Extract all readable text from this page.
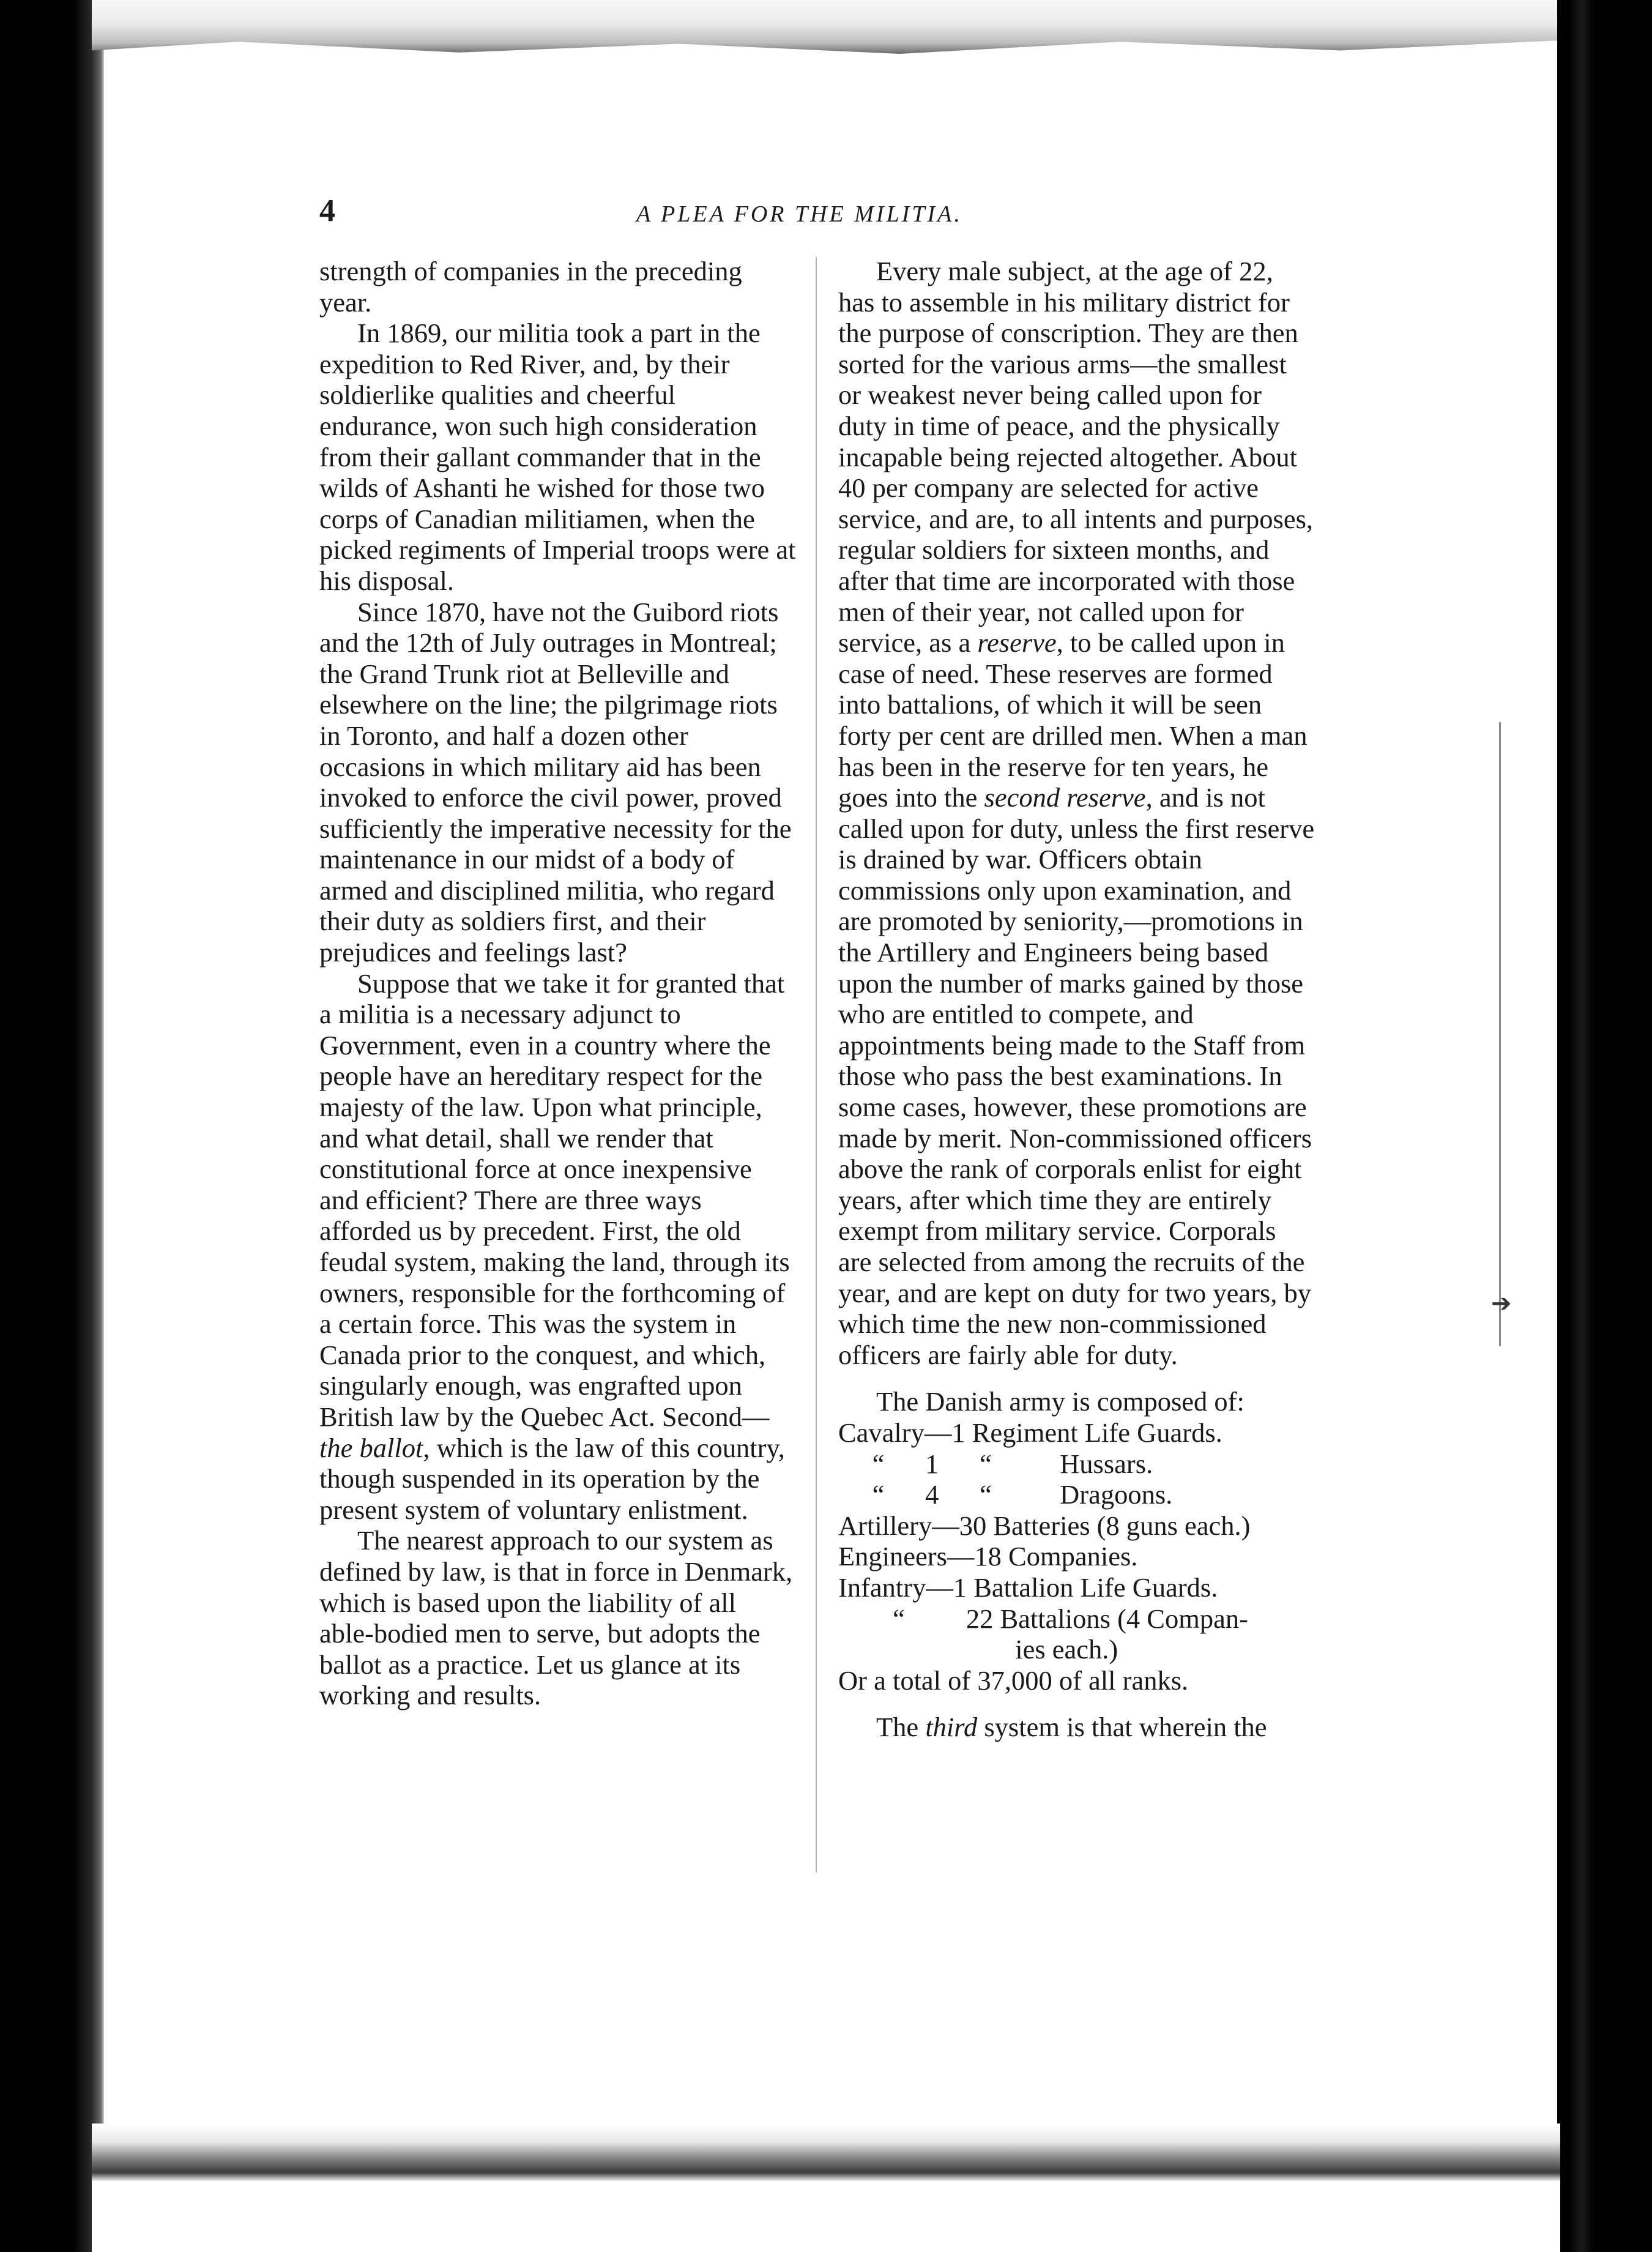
➔
4	A PLEA FOR THE MILITIA.

strength of companies in the preceding year.

In 1869, our militia took a part in the expedition to Red River, and, by their soldierlike qualities and cheerful endurance, won such high consideration from their gallant commander that in the wilds of Ashanti he wished for those two corps of Canadian militiamen, when the picked regiments of Imperial troops were at his disposal.

Since 1870, have not the Guibord riots and the 12th of July outrages in Montreal; the Grand Trunk riot at Belleville and elsewhere on the line; the pilgrimage riots in Toronto, and half a dozen other occasions in which military aid has been invoked to enforce the civil power, proved sufficiently the imperative necessity for the maintenance in our midst of a body of armed and disciplined militia, who regard their duty as soldiers first, and their prejudices and feelings last?

Suppose that we take it for granted that a militia is a necessary adjunct to Government, even in a country where the people have an hereditary respect for the majesty of the law. Upon what principle, and what detail, shall we render that constitutional force at once inexpensive and efficient? There are three ways afforded us by precedent. First, the old feudal system, making the land, through its owners, responsible for the forthcoming of a certain force. This was the system in Canada prior to the conquest, and which, singularly enough, was engrafted upon British law by the Quebec Act. Second—the ballot, which is the law of this country, though suspended in its operation by the present system of voluntary enlistment.

The nearest approach to our system as defined by law, is that in force in Denmark, which is based upon the liability of all able-bodied men to serve, but adopts the ballot as a practice. Let us glance at its working and results.

Every male subject, at the age of 22, has to assemble in his military district for the purpose of conscription. They are then sorted for the various arms—the smallest or weakest never being called upon for duty in time of peace, and the physically incapable being rejected altogether. About 40 per company are selected for active service, and are, to all intents and purposes, regular soldiers for sixteen months, and after that time are incorporated with those men of their year, not called upon for service, as a reserve, to be called upon in case of need. These reserves are formed into battalions, of which it will be seen forty per cent are drilled men. When a man has been in the reserve for ten years, he goes into the second reserve, and is not called upon for duty, unless the first reserve is drained by war. Officers obtain commissions only upon examination, and are promoted by seniority,—promotions in the Artillery and Engineers being based upon the number of marks gained by those who are entitled to compete, and appointments being made to the Staff from those who pass the best examinations. In some cases, however, these promotions are made by merit. Non-commissioned officers above the rank of corporals enlist for eight years, after which time they are entirely exempt from military service. Corporals are selected from among the recruits of the year, and are kept on duty for two years, by which time the new non-commissioned officers are fairly able for duty.

The Danish army is composed of:

Cavalry—1 Regiment Life Guards.
“      1      “          Hussars.
“      4      “          Dragoons.
Artillery—30 Batteries (8 guns each.)
Engineers—18 Companies.
Infantry—1 Battalion Life Guards.
“         22 Battalions (4 Compan-
ies each.)
Or a total of 37,000 of all ranks.

The third system is that wherein the
